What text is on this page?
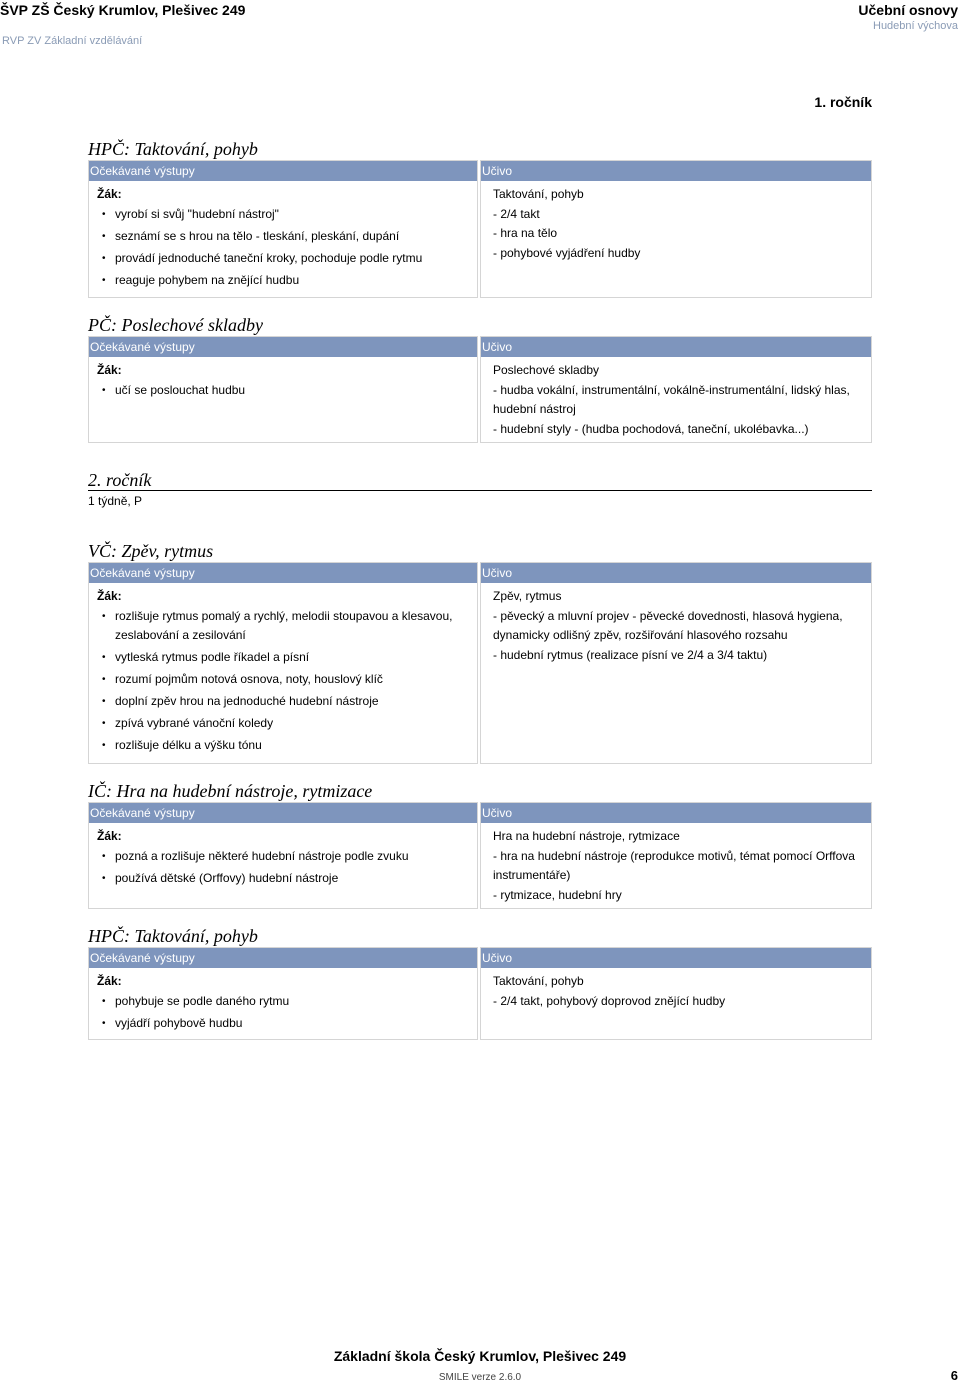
ŠVP ZŠ Český Krumlov, Plešivec 249
RVP ZV Základní vzdělávání
Učební osnovy
Hudební výchova
1. ročník
HPČ: Taktování, pohyb
Očekávané výstupy
Žák:
• vyrobí si svůj "hudební nástroj"
• seznámí se s hrou na tělo - tleskání, pleskání, dupání
• provádí jednoduché taneční kroky, pochoduje podle rytmu
• reaguje pohybem na znějící hudbu
Učivo
Taktování, pohyb
- 2/4 takt
- hra na tělo
- pohybové vyjádření hudby
PČ: Poslechové skladby
Očekávané výstupy
Žák:
• učí se poslouchat hudbu
Učivo
Poslechové skladby
- hudba vokální, instrumentální, vokálně-instrumentální, lidský hlas,
hudební nástroj
- hudební styly - (hudba pochodová, taneční, ukolébavka...)
2. ročník
1 týdně, P
VČ: Zpěv, rytmus
Očekávané výstupy
Žák:
• rozlišuje rytmus pomalý a rychlý, melodii stoupavou a klesavou, zeslabování a zesilování
• vytleská rytmus podle říkadel a písní
• rozumí pojmům notová osnova, noty, houslový klíč
• doplní zpěv hrou na jednoduché hudební nástroje
• zpívá vybrané vánoční koledy
• rozlišuje délku a výšku tónu
Učivo
Zpěv, rytmus
- pěvecký a mluvní projev - pěvecké dovednosti, hlasová hygiena,
dynamicky odlišný zpěv, rozšiřování hlasového rozsahu
- hudební rytmus (realizace písní ve 2/4 a 3/4 taktu)
IČ: Hra na hudební nástroje, rytmizace
Očekávané výstupy
Žák:
• pozná a rozlišuje některé hudební nástroje podle zvuku
• používá dětské (Orffovy) hudební nástroje
Učivo
Hra na hudební nástroje, rytmizace
- hra na hudební nástroje (reprodukce motivů, témat pomocí Orffova
instrumentáře)
- rytmizace, hudební hry
HPČ: Taktování, pohyb
Očekávané výstupy
Žák:
• pohybuje se podle daného rytmu
• vyjádří pohybově hudbu
Učivo
Taktování, pohyb
- 2/4 takt, pohybový doprovod znějící hudby
Základní škola Český Krumlov, Plešivec 249
SMILE verze 2.6.0	6
